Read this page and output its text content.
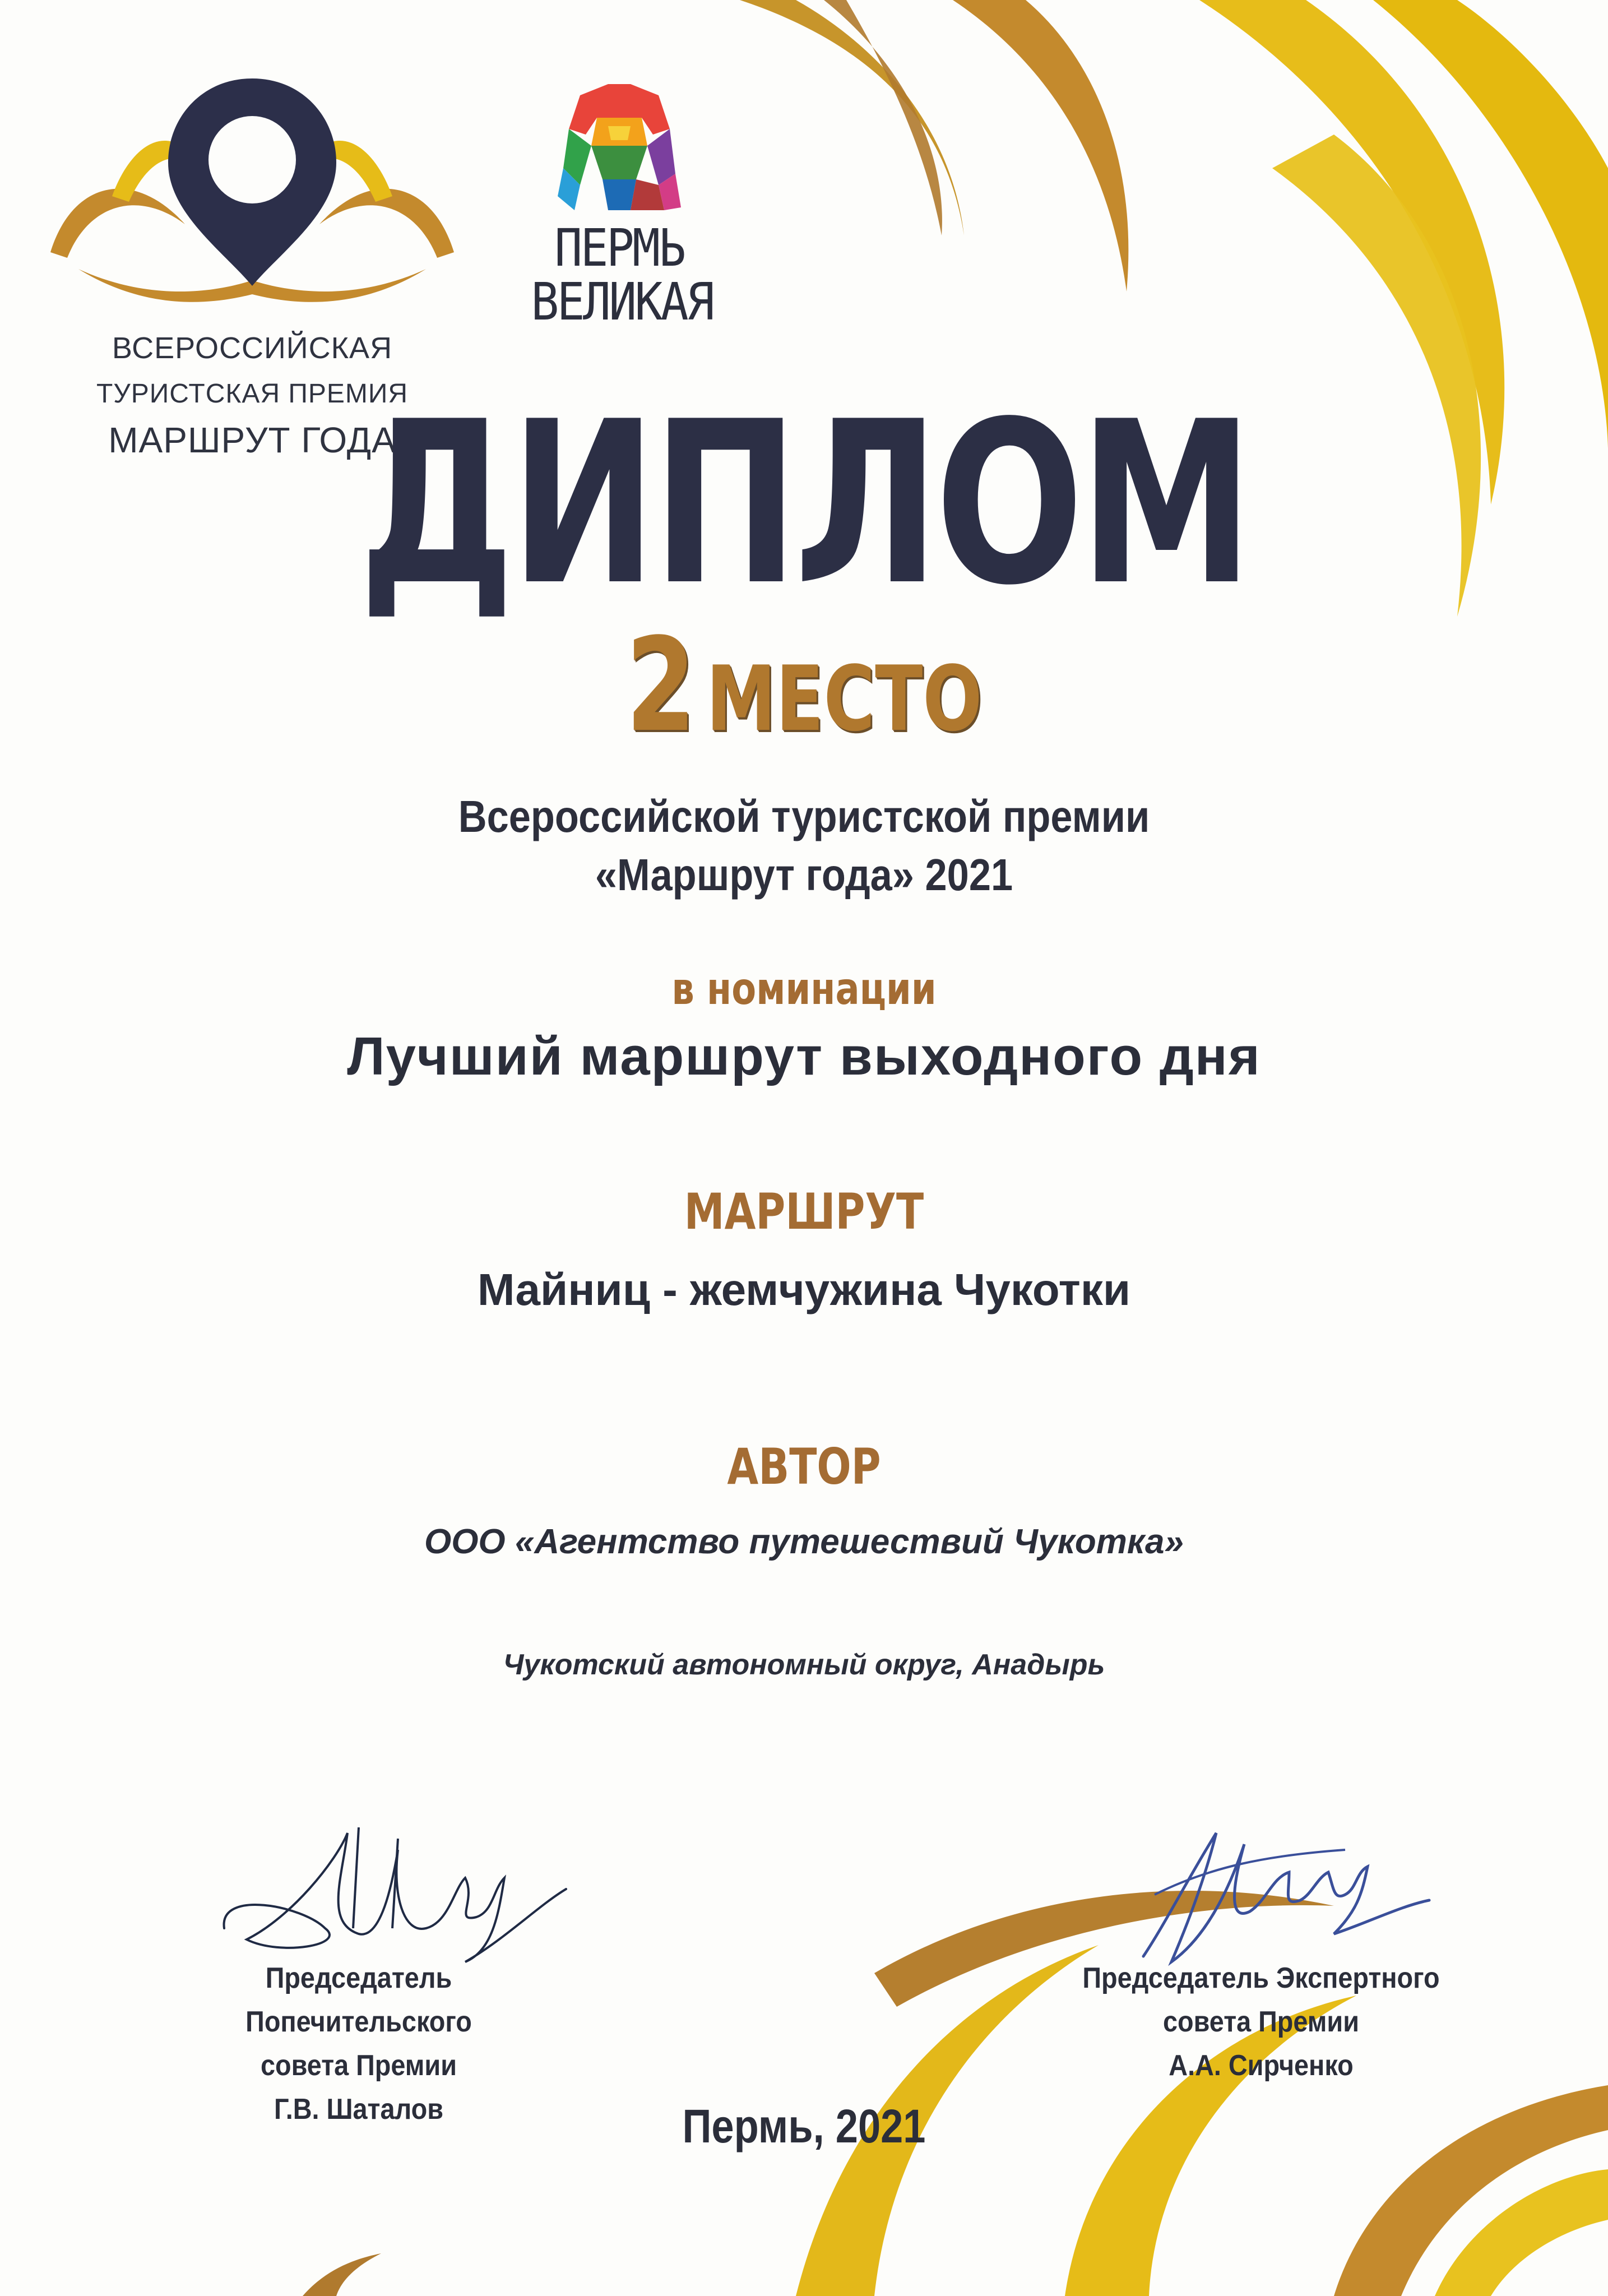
ВСЕРОССИЙСКАЯ
ТУРИСТСКАЯ ПРЕМИЯ
МАРШРУТ ГОДА
ПЕРМЬ
ВЕЛИКАЯ
ДИПЛОМ
2 МЕСТО
Всероссийской туристской премии
«Маршрут года» 2021
в номинации
Лучший маршрут выходного дня
МАРШРУТ
Майниц - жемчужина Чукотки
АВТОР
ООО «Агентство путешествий Чукотка»
Чукотский автономный округ, Анадырь
Председатель Попечительского
совета Премии
Г.В. Шаталов
Председатель Экспертного
совета Премии
А.А. Сирченко
Пермь, 2021
